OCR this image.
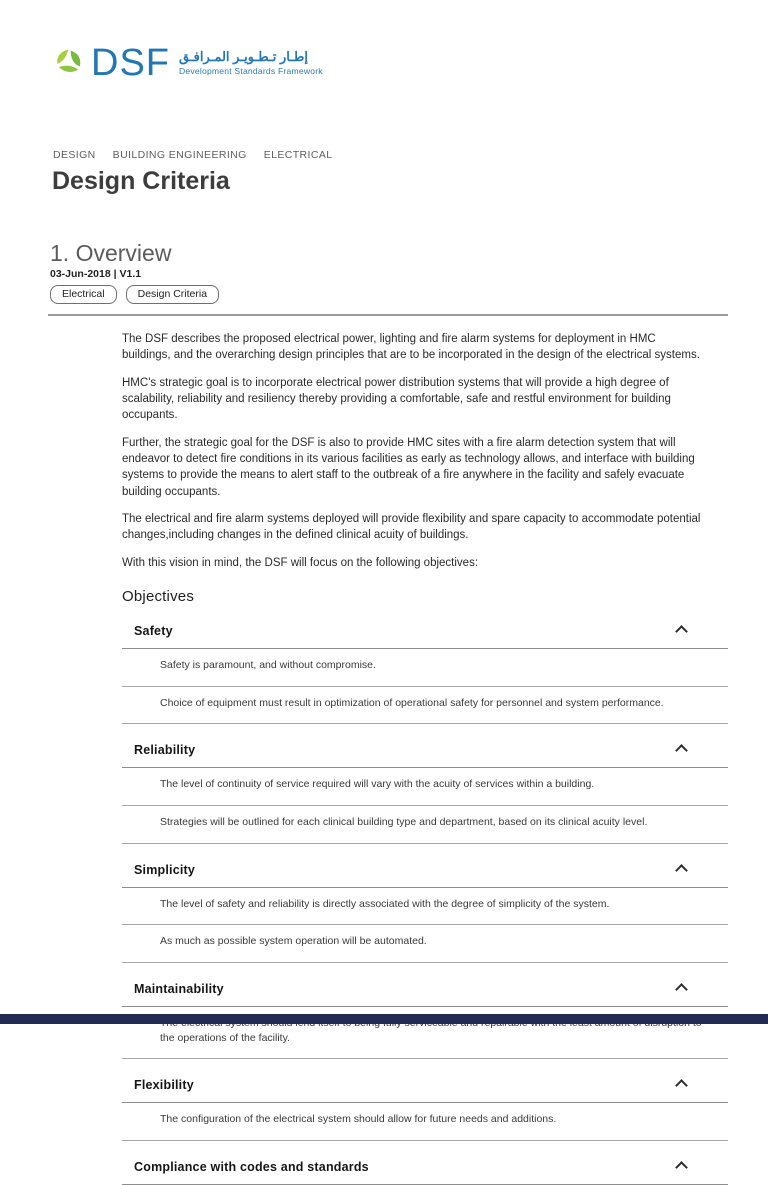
DSF إطـار تـطـويـر المـرافـق
Development Standards Framework
DESIGN BUILDING ENGINEERING ELECTRICAL
Design Criteria
1. Overview
03-Jun-2018 | V1.1
Electrical	Design Criteria

The DSF describes the proposed electrical power, lighting and fire alarm systems for deployment in HMC buildings, and the overarching design principles that are to be incorporated in the design of the electrical systems.

HMC's strategic goal is to incorporate electrical power distribution systems that will provide a high degree of scalability, reliability and resiliency thereby providing a comfortable, safe and restful environment for building occupants.

Further, the strategic goal for the DSF is also to provide HMC sites with a fire alarm detection system that will endeavor to detect fire conditions in its various facilities as early as technology allows, and interface with building systems to provide the means to alert staff to the outbreak of a fire anywhere in the facility and safely evacuate building occupants.

The electrical and fire alarm systems deployed will provide flexibility and spare capacity to accommodate potential changes,including changes in the defined clinical acuity of buildings.

With this vision in mind, the DSF will focus on the following objectives:

Objectives
Safety
Safety is paramount, and without compromise.
Choice of equipment must result in optimization of operational safety for personnel and system performance.
Reliability
The level of continuity of service required will vary with the acuity of services within a building.
Strategies will be outlined for each clinical building type and department, based on its clinical acuity level.
Simplicity
The level of safety and reliability is directly associated with the degree of simplicity of the system.
As much as possible system operation will be automated.
Maintainability
the operations of the facility.
Flexibility
The configuration of the electrical system should allow for future needs and additions.
Compliance with codes and standards
